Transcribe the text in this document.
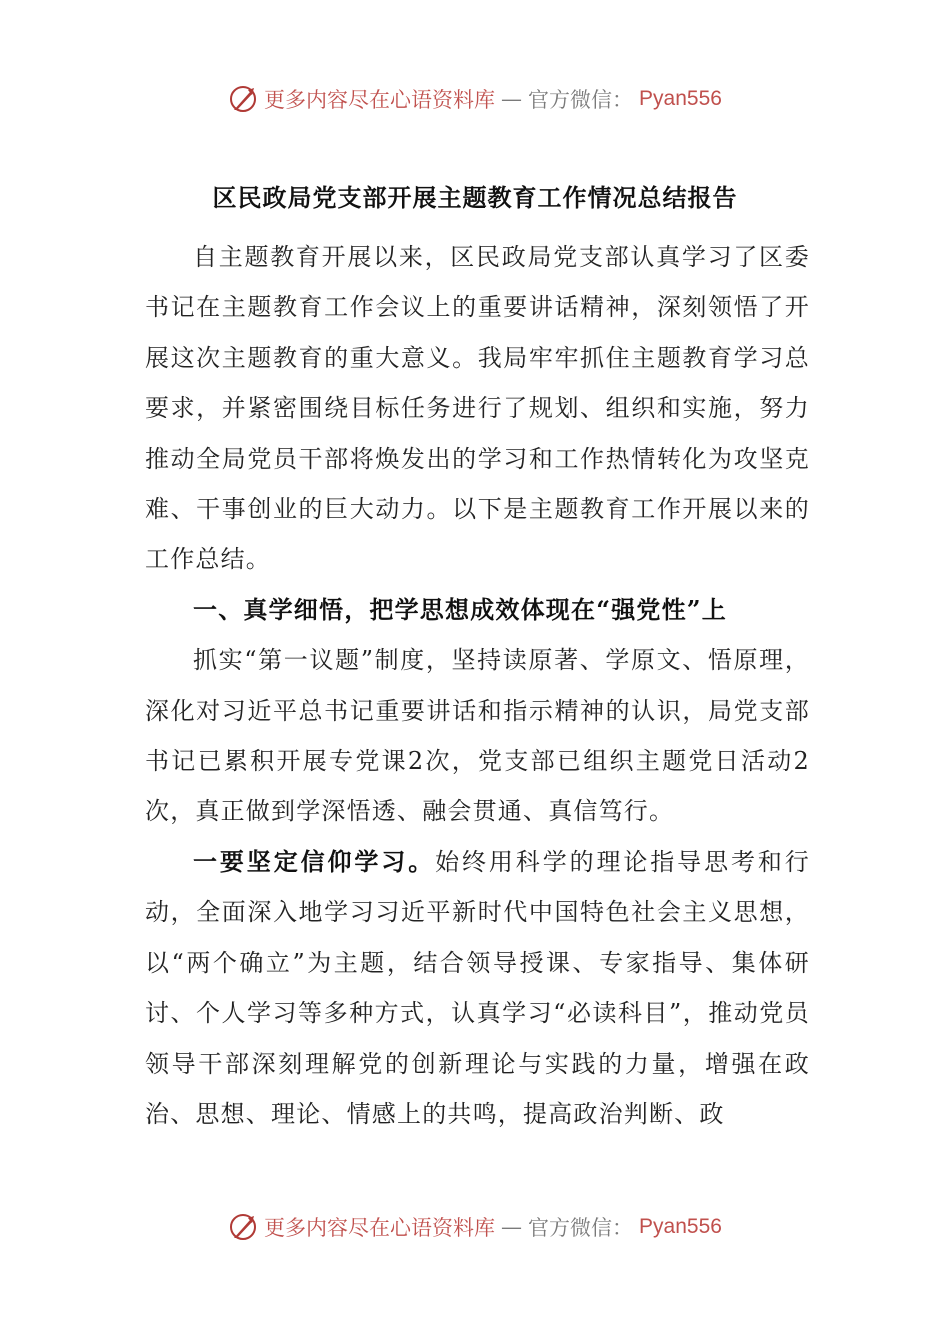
更多内容尽在心语资料库 — 官方微信： Pyan556
区民政局党支部开展主题教育工作情况总结报告

自主题教育开展以来，区民政局党支部认真学习了区委书记在主题教育工作会议上的重要讲话精神，深刻领悟了开展这次主题教育的重大意义。我局牢牢抓住主题教育学习总要求，并紧密围绕目标任务进行了规划、组织和实施，努力推动全局党员干部将焕发出的学习和工作热情转化为攻坚克难、干事创业的巨大动力。以下是主题教育工作开展以来的工作总结。

一、真学细悟，把学思想成效体现在“强党性”上

抓实“第一议题”制度，坚持读原著、学原文、悟原理，深化对习近平总书记重要讲话和指示精神的认识，局党支部书记已累积开展专党课2次，党支部已组织主题党日活动2次，真正做到学深悟透、融会贯通、真信笃行。

一要坚定信仰学习。始终用科学的理论指导思考和行动，全面深入地学习习近平新时代中国特色社会主义思想，以“两个确立”为主题，结合领导授课、专家指导、集体研讨、个人学习等多种方式，认真学习“必读科目”，推动党员领导干部深刻理解党的创新理论与实践的力量，增强在政治、思想、理论、情感上的共鸣，提高政治判断、政

更多内容尽在心语资料库 — 官方微信： Pyan556
